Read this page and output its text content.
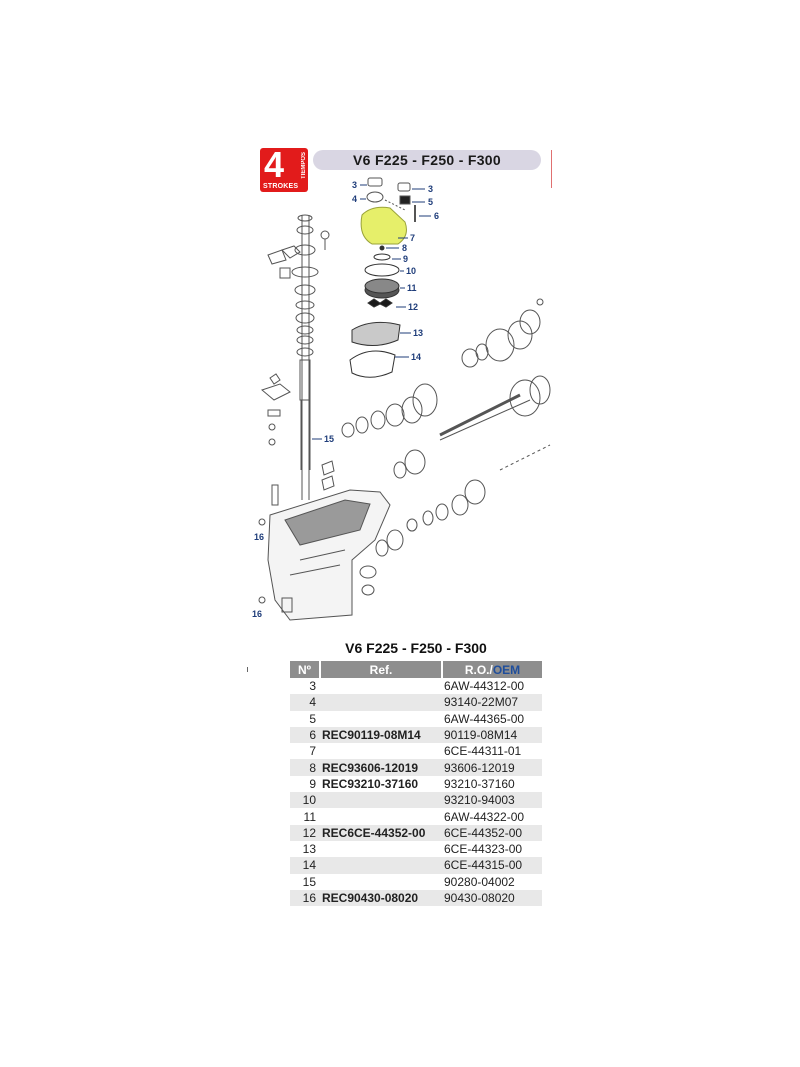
4	TIEMPOS
STROKES
V6 F225 - F250 - F300
3
4
3
5
6
7
8
9
10
11
12
13
14
15
16
16
V6 F225 - F250 - F300
Nº	Ref.	R.O./OEM
3		6AW-44312-00
4		93140-22M07
5		6AW-44365-00
6	REC90119-08M14	90119-08M14
7		6CE-44311-01
8	REC93606-12019	93606-12019
9	REC93210-37160	93210-37160
10		93210-94003
11		6AW-44322-00
12	REC6CE-44352-00	6CE-44352-00
13		6CE-44323-00
14		6CE-44315-00
15		90280-04002
16	REC90430-08020	90430-08020
